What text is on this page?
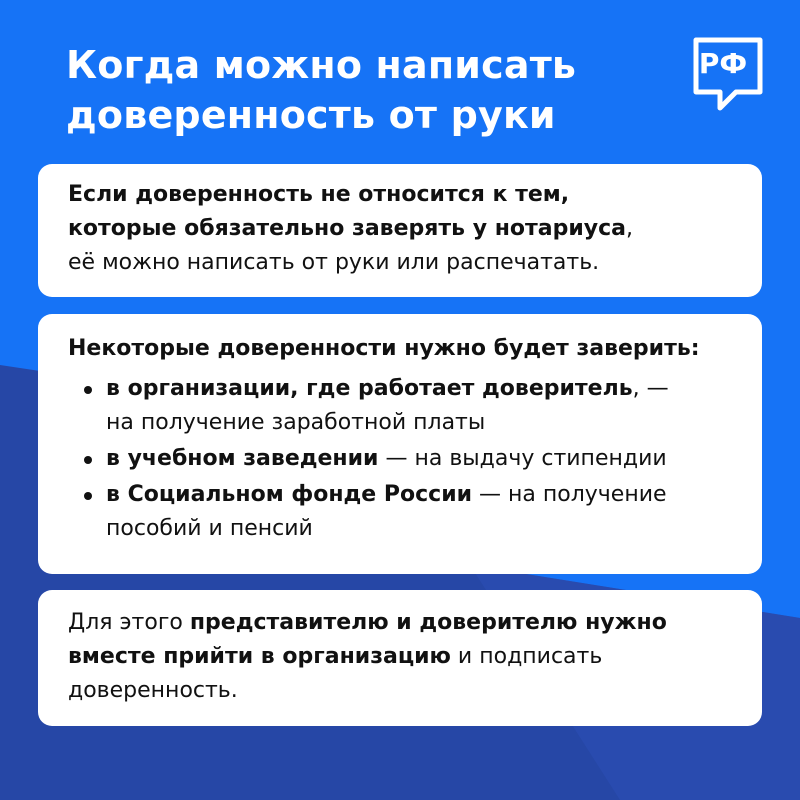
Когда можно написать
доверенность от руки
РФ
Если доверенность не относится к тем,
которые обязательно заверять у нотариуса,
её можно написать от руки или распечатать.
Некоторые доверенности нужно будет заверить:
в организации, где работает доверитель, —
на получение заработной платы
в учебном заведении — на выдачу стипендии
в Социальном фонде России — на получение
пособий и пенсий
Для этого представителю и доверителю нужно
вместе прийти в организацию и подписать
доверенность.
